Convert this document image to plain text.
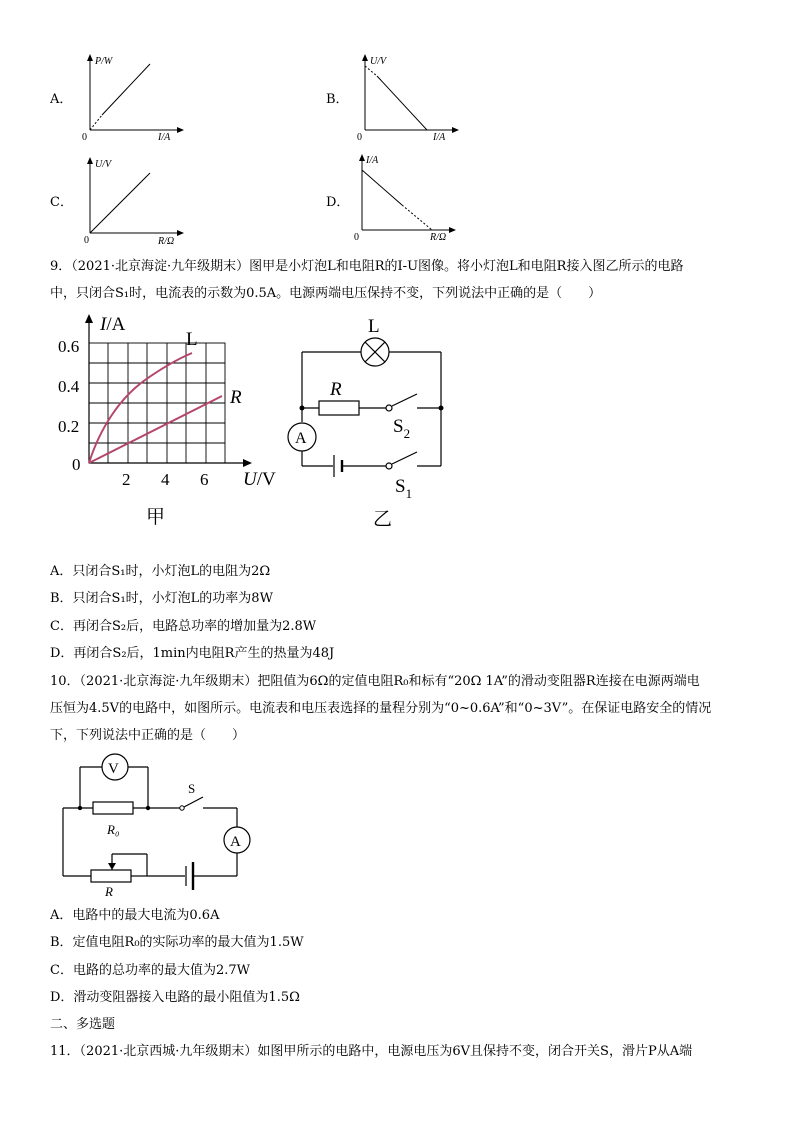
A．
P/W
I/A
0
B．
U/V
I/A
0
C．
U/V
R/Ω
0
D．
I/A
R/Ω
0
9．（2021·北京海淀·九年级期末）图甲是小灯泡L和电阻R的I-U图像。将小灯泡L和电阻R接入图乙所示的电路
中，只闭合S₁时，电流表的示数为0.5A。电源两端电压保持不变，下列说法中正确的是（　　）
I/A
0.6
0.4
0.2
0
2 4 6 U/V
L
R
甲
L
R
$S_2$
A
$S_1$
乙
A．只闭合S₁时，小灯泡L的电阻为2Ω
B．只闭合S₁时，小灯泡L的功率为8W
C．再闭合S₂后，电路总功率的增加量为2.8W
D．再闭合S₂后，1min内电阻R产生的热量为48J
10．（2021·北京海淀·九年级期末）把阻值为6Ω的定值电阻R₀和标有“20Ω 1A”的滑动变阻器R连接在电源两端电
压恒为4.5V的电路中，如图所示。电流表和电压表选择的量程分别为“0~0.6A”和“0~3V”。在保证电路安全的情况
下，下列说法中正确的是（　　）
V
S
R₀
A
R
A．电路中的最大电流为0.6A
B．定值电阻R₀的实际功率的最大值为1.5W
C．电路的总功率的最大值为2.7W
D．滑动变阻器接入电路的最小阻值为1.5Ω
二、多选题
11．（2021·北京西城·九年级期末）如图甲所示的电路中，电源电压为6V且保持不变，闭合开关S，滑片P从A端
